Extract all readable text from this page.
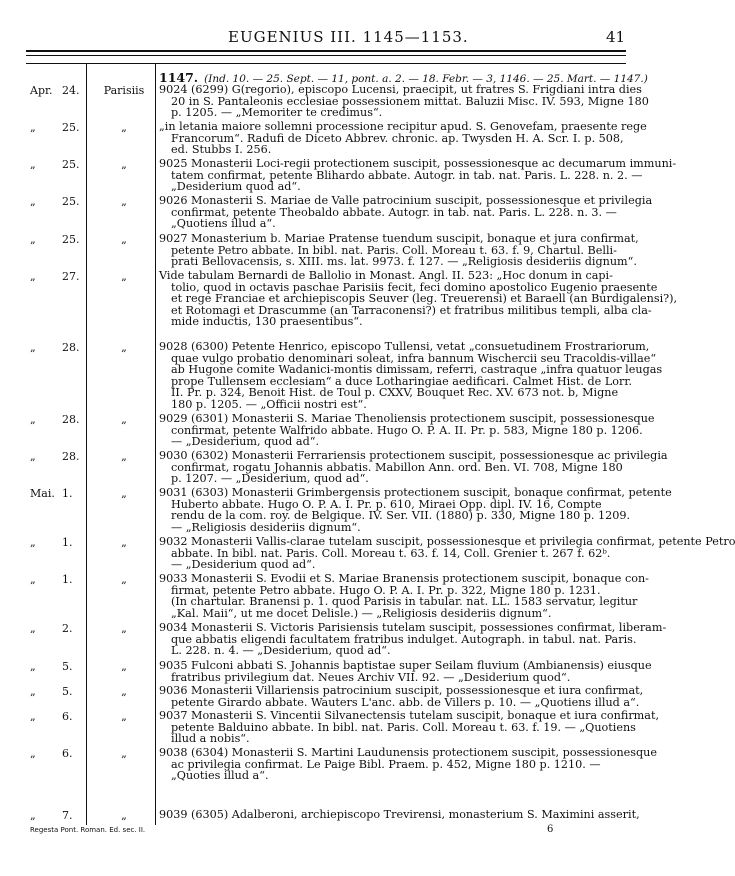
EUGENIUS III. 1145—1153.	41
1147. (Ind. 10. — 25. Sept. — 11, pont. a. 2. — 18. Febr. — 3, 1146. — 25. Mart. — 1147.)
Apr. 24.	Parisiis	9024 (6299) G(regorio), episcopo Lucensi, praecipit, ut fratres S. Frigdiani intra dies
20 in S. Pantaleonis ecclesiae possessionem mittat. Baluzii Misc. IV. 593, Migne 180
p. 1205. — „Memoriter te credimus“.
„ 25.	„	„in letania maiore sollemni processione recipitur apud. S. Genovefam, praesente rege
Francorum“. Radufi de Diceto Abbrev. chronic. ap. Twysden H. A. Scr. I. p. 508,
ed. Stubbs I. 256.
„ 25.	„	9025 Monasterii Loci-regii protectionem suscipit, possessionesque ac decumarum immuni-
tatem confirmat, petente Blihardo abbate. Autogr. in tab. nat. Paris. L. 228. n. 2. —
„Desiderium quod ad“.
„ 25.	„	9026 Monasterii S. Mariae de Valle patrocinium suscipit, possessionesque et privilegia
confirmat, petente Theobaldo abbate. Autogr. in tab. nat. Paris. L. 228. n. 3. —
„Quotiens illud a“.
„ 25.	„	9027 Monasterium b. Mariae Pratense tuendum suscipit, bonaque et jura confirmat,
petente Petro abbate. In bibl. nat. Paris. Coll. Moreau t. 63. f. 9, Chartul. Belli-
prati Bellovacensis, s. XIII. ms. lat. 9973. f. 127. — „Religiosis desideriis dignum“.
„ 27.	„	Vide tabulam Bernardi de Ballolio in Monast. Angl. II. 523: „Hoc donum in capi-
tolio, quod in octavis paschae Parisiis fecit, feci domino apostolico Eugenio praesente
et rege Franciae et archiepiscopis Seuver (leg. Treuerensi) et Baraell (an Burdigalensi?),
et Rotomagi et Drascumme (an Tarraconensi?) et fratribus militibus templi, alba cla-
mide inductis, 130 praesentibus“.
„ 28.	„	9028 (6300) Petente Henrico, episcopo Tullensi, vetat „consuetudinem Frostrariorum,
quae vulgo probatio denominari soleat, infra bannum Wischercii seu Tracoldis-villae“
ab Hugone comite Wadanici-montis dimissam, referri, castraque „infra quatuor leugas
prope Tullensem ecclesiam“ a duce Lotharingiae aedificari. Calmet Hist. de Lorr.
II. Pr. p. 324, Benoit Hist. de Toul p. CXXV, Bouquet Rec. XV. 673 not. b, Migne
180 p. 1205. — „Officii nostri est“.
„ 28.	„	9029 (6301) Monasterii S. Mariae Thenoliensis protectionem suscipit, possessionesque
confirmat, petente Walfrido abbate. Hugo O. P. A. II. Pr. p. 583, Migne 180 p. 1206.
— „Desiderium, quod ad“.
„ 28.	„	9030 (6302) Monasterii Ferrariensis protectionem suscipit, possessionesque ac privilegia
confirmat, rogatu Johannis abbatis. Mabillon Ann. ord. Ben. VI. 708, Migne 180
p. 1207. — „Desiderium, quod ad“.
Mai. 1.	„	9031 (6303) Monasterii Grimbergensis protectionem suscipit, bonaque confirmat, petente
Huberto abbate. Hugo O. P. A. I. Pr. p. 610, Miraei Opp. dipl. IV. 16, Compte
rendu de la com. roy. de Belgique. IV. Ser. VII. (1880) p. 330, Migne 180 p. 1209.
— „Religiosis desideriis dignum“.
„ 1.	„	9032 Monasterii Vallis-clarae tutelam suscipit, possessionesque et privilegia confirmat, petente Petro
abbate. In bibl. nat. Paris. Coll. Moreau t. 63. f. 14, Coll. Grenier t. 267 f. 62ᵇ.
— „Desiderium quod ad“.
„ 1.	„	9033 Monasterii S. Evodii et S. Mariae Branensis protectionem suscipit, bonaque con-
firmat, petente Petro abbate. Hugo O. P. A. I. Pr. p. 322, Migne 180 p. 1231.
(In chartular. Branensi p. 1. quod Parisis in tabular. nat. LL. 1583 servatur, legitur
„Kal. Maii“, ut me docet Delisle.) — „Religiosis desideriis dignum“.
„ 2.	„	9034 Monasterii S. Victoris Parisiensis tutelam suscipit, possessiones confirmat, liberam-
que abbatis eligendi facultatem fratribus indulget. Autograph. in tabul. nat. Paris.
L. 228. n. 4. — „Desiderium, quod ad“.
„ 5.	„	9035 Fulconi abbati S. Johannis baptistae super Seilam fluvium (Ambianensis) eiusque
fratribus privilegium dat. Neues Archiv VII. 92. — „Desiderium quod“.
„ 5.	„	9036 Monasterii Villariensis patrocinium suscipit, possessionesque et iura confirmat,
petente Girardo abbate. Wauters L'anc. abb. de Villers p. 10. — „Quotiens illud a“.
„ 6.	„	9037 Monasterii S. Vincentii Silvanectensis tutelam suscipit, bonaque et iura confirmat,
petente Balduino abbate. In bibl. nat. Paris. Coll. Moreau t. 63. f. 19. — „Quotiens
illud a nobis“.
„ 6.	„	9038 (6304) Monasterii S. Martini Laudunensis protectionem suscipit, possessionesque
ac privilegia confirmat. Le Paige Bibl. Praem. p. 452, Migne 180 p. 1210. —
„Quoties illud a“.
„ 7.	„	9039 (6305) Adalberoni, archiepiscopo Trevirensi, monasterium S. Maximini asserit,
Regesta Pont. Roman. Ed. sec. II.	6
